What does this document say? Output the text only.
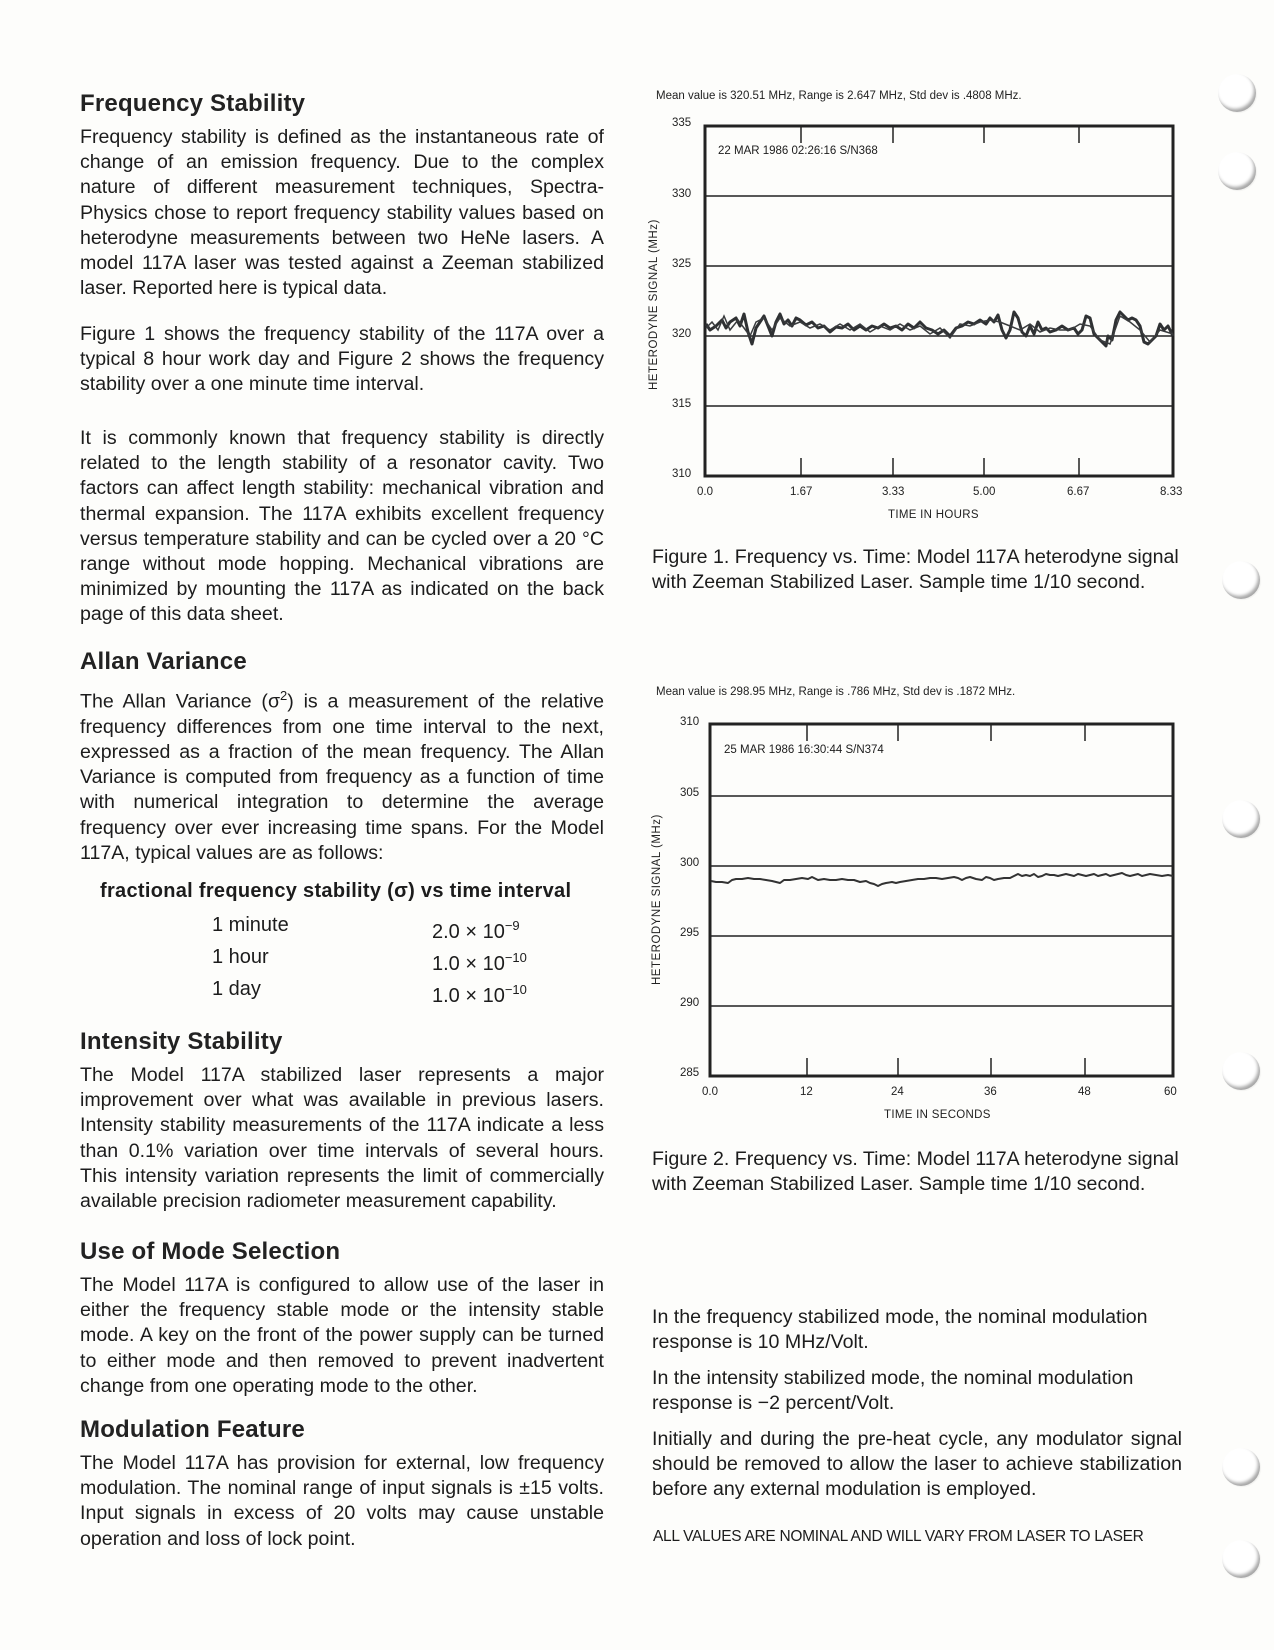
Frequency Stability

Frequency stability is defined as the instantaneous rate of change of an emission frequency. Due to the complex nature of different measurement techniques, Spectra-Physics chose to report frequency stability values based on heterodyne measurements between two HeNe lasers. A model 117A laser was tested against a Zeeman stabilized laser. Reported here is typical data.

Figure 1 shows the frequency stability of the 117A over a typical 8 hour work day and Figure 2 shows the frequency stability over a one minute time interval.

It is commonly known that frequency stability is directly related to the length stability of a resonator cavity. Two factors can affect length stability: mechanical vibration and thermal expansion. The 117A exhibits excellent frequency versus temperature stability and can be cycled over a 20 °C range without mode hopping. Mechanical vibrations are minimized by mounting the 117A as indicated on the back page of this data sheet.

Allan Variance

The Allan Variance $(\sigma^2)$ is a measurement of the relative frequency differences from one time interval to the next, expressed as a fraction of the mean frequency. The Allan Variance is computed from frequency as a function of time with numerical integration to determine the average frequency over ever increasing time spans. For the Model 117A, typical values are as follows:

fractional frequency stability (σ) vs time interval
1 minute	$2.0 \times 10^{-9}$
1 hour	$1.0 \times 10^{-10}$
1 day	$1.0 \times 10^{-10}$
Intensity Stability

The Model 117A stabilized laser represents a major improvement over what was available in previous lasers. Intensity stability measurements of the 117A indicate a less than 0.1% variation over time intervals of several hours. This intensity variation represents the limit of commercially available precision radiometer measurement capability.

Use of Mode Selection

The Model 117A is configured to allow use of the laser in either the frequency stable mode or the intensity stable mode. A key on the front of the power supply can be turned to either mode and then removed to prevent inadvertent change from one operating mode to the other.

Modulation Feature

The Model 117A has provision for external, low frequency modulation. The nominal range of input signals is ±15 volts. Input signals in excess of 20 volts may cause unstable operation and loss of lock point.

Mean value is 320.51 MHz, Range is 2.647 MHz, Std dev is .4808 MHz.
22 MAR 1986 02:26:16 S/N368
335
330
325
320
315
310
0.0	1.67	3.33	5.00	6.67	8.33
TIME IN HOURS
HETERODYNE SIGNAL (MHz)
Figure 1. Frequency vs. Time: Model 117A heterodyne signal with Zeeman Stabilized Laser. Sample time 1/10 second.
Mean value is 298.95 MHz, Range is .786 MHz, Std dev is .1872 MHz.
25 MAR 1986 16:30:44 S/N374
310
305
300
295
290
285
0.0	12	24	36	48	60
TIME IN SECONDS
HETERODYNE SIGNAL (MHz)
Figure 2. Frequency vs. Time: Model 117A heterodyne signal with Zeeman Stabilized Laser. Sample time 1/10 second.

In the frequency stabilized mode, the nominal modulation response is 10 MHz/Volt.

In the intensity stabilized mode, the nominal modulation response is −2 percent/Volt.

Initially and during the pre-heat cycle, any modulator signal should be removed to allow the laser to achieve stabilization before any external modulation is employed.

ALL VALUES ARE NOMINAL AND WILL VARY FROM LASER TO LASER
